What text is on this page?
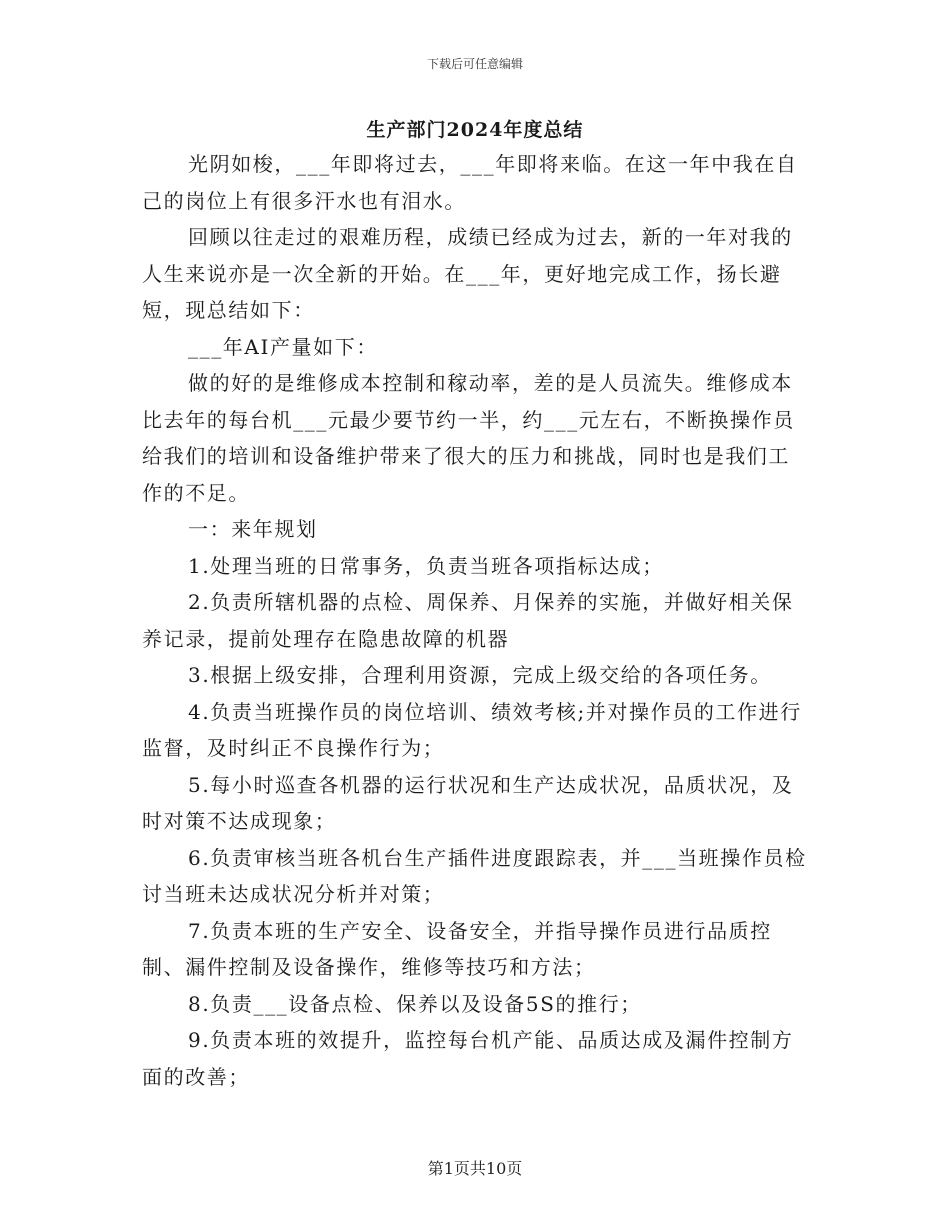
下载后可任意编辑
生产部门2024年度总结

光阴如梭，___年即将过去，___年即将来临。在这一年中我在自己的岗位上有很多汗水也有泪水。

回顾以往走过的艰难历程，成绩已经成为过去，新的一年对我的人生来说亦是一次全新的开始。在___年，更好地完成工作，扬长避短，现总结如下：

___年AI产量如下：

做的好的是维修成本控制和稼动率，差的是人员流失。维修成本比去年的每台机___元最少要节约一半，约___元左右，不断换操作员给我们的培训和设备维护带来了很大的压力和挑战，同时也是我们工作的不足。

一：来年规划

1.处理当班的日常事务，负责当班各项指标达成；

2.负责所辖机器的点检、周保养、月保养的实施，并做好相关保养记录，提前处理存在隐患故障的机器

3.根据上级安排，合理利用资源，完成上级交给的各项任务。

4.负责当班操作员的岗位培训、绩效考核;并对操作员的工作进行监督，及时纠正不良操作行为；

5.每小时巡查各机器的运行状况和生产达成状况，品质状况，及时对策不达成现象；

6.负责审核当班各机台生产插件进度跟踪表，并___当班操作员检讨当班未达成状况分析并对策；

7.负责本班的生产安全、设备安全，并指导操作员进行品质控制、漏件控制及设备操作，维修等技巧和方法；

8.负责___设备点检、保养以及设备5S的推行；

9.负责本班的效提升，监控每台机产能、品质达成及漏件控制方面的改善；

第1页共10页
